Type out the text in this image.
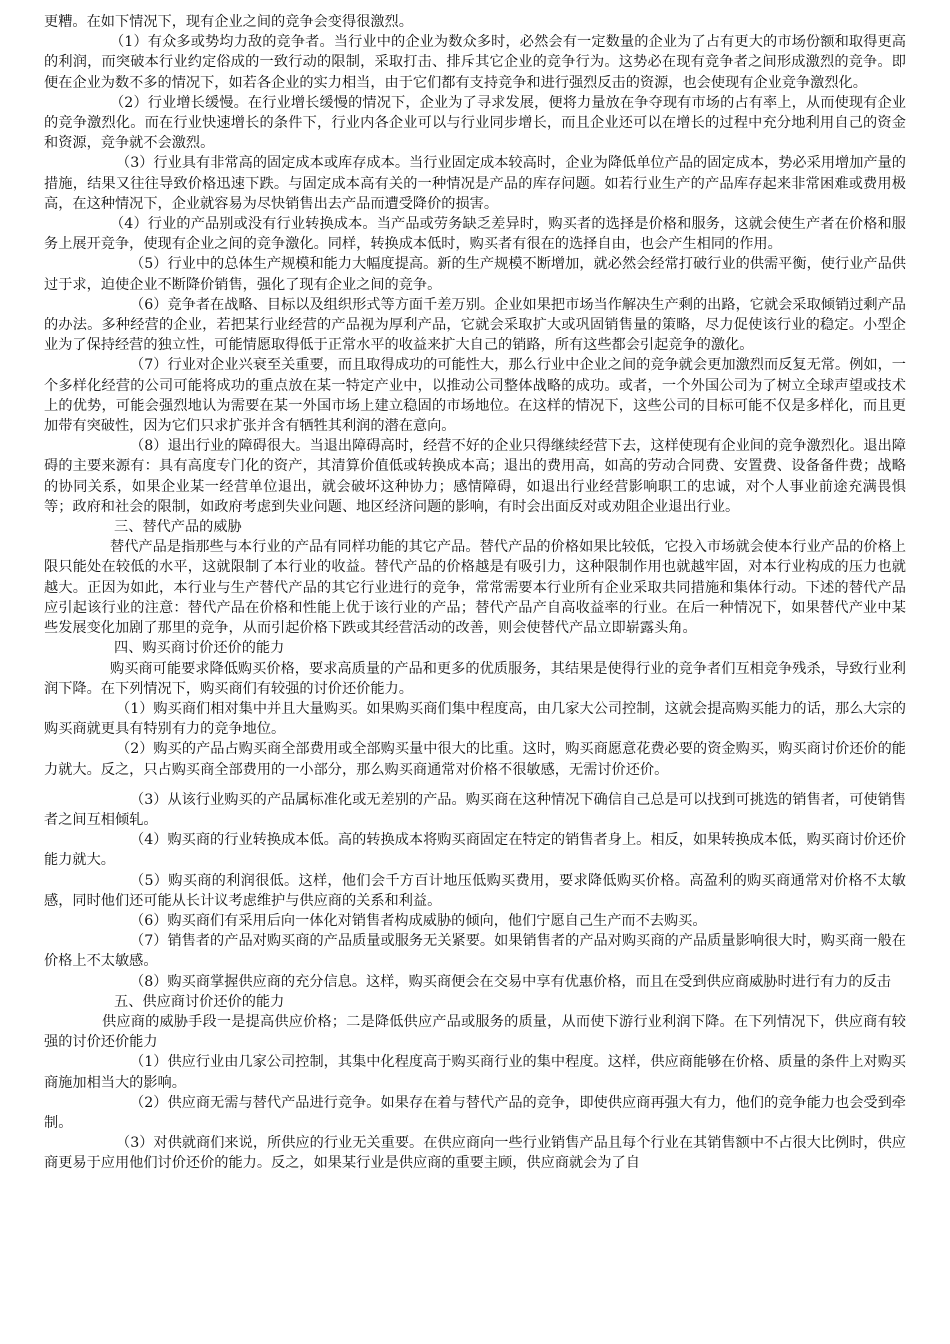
更糟。在如下情况下，现有企业之间的竞争会变得很激烈。
（1）有众多或势均力敌的竞争者。当行业中的企业为数众多时，必然会有一定数量的企业为了占有更大的市场份额和取得更高的利润，而突破本行业约定俗成的一致行动的限制，采取打击、排斥其它企业的竞争行为。这势必在现有竞争者之间形成激烈的竞争。即便在企业为数不多的情况下，如若各企业的实力相当，由于它们都有支持竞争和进行强烈反击的资源，也会使现有企业竞争激烈化。
（2）行业增长缓慢。在行业增长缓慢的情况下，企业为了寻求发展，便将力量放在争夺现有市场的占有率上，从而使现有企业的竞争激烈化。而在行业快速增长的条件下，行业内各企业可以与行业同步增长，而且企业还可以在增长的过程中充分地利用自己的资金和资源，竞争就不会激烈。
（3）行业具有非常高的固定成本或库存成本。当行业固定成本较高时，企业为降低单位产品的固定成本，势必采用增加产量的措施，结果又往往导致价格迅速下跌。与固定成本高有关的一种情况是产品的库存问题。如若行业生产的产品库存起来非常困难或费用极高，在这种情况下，企业就容易为尽快销售出去产品而遭受降价的损害。
（4）行业的产品别或没有行业转换成本。当产品或劳务缺乏差异时，购买者的选择是价格和服务，这就会使生产者在价格和服务上展开竞争，使现有企业之间的竞争激化。同样，转换成本低时，购买者有很在的选择自由，也会产生相同的作用。
（5）行业中的总体生产规模和能力大幅度提高。新的生产规模不断增加，就必然会经常打破行业的供需平衡，使行业产品供过于求，迫使企业不断降价销售，强化了现有企业之间的竞争。
（6）竞争者在战略、目标以及组织形式等方面千差万别。企业如果把市场当作解决生产剩的出路，它就会采取倾销过剩产品的办法。多种经营的企业，若把某行业经营的产品视为厚利产品，它就会采取扩大或巩固销售量的策略，尽力促使该行业的稳定。小型企业为了保持经营的独立性，可能情愿取得低于正常水平的收益来扩大自己的销路，所有这些都会引起竞争的激化。
（7）行业对企业兴衰至关重要，而且取得成功的可能性大，那么行业中企业之间的竞争就会更加激烈而反复无常。例如，一个多样化经营的公司可能将成功的重点放在某一特定产业中，以推动公司整体战略的成功。或者，一个外国公司为了树立全球声望或技术上的优势，可能会强烈地认为需要在某一外国市场上建立稳固的市场地位。在这样的情况下，这些公司的目标可能不仅是多样化，而且更加带有突破性，因为它们只求扩张并含有牺牲其利润的潜在意向。
（8）退出行业的障碍很大。当退出障碍高时，经营不好的企业只得继续经营下去，这样使现有企业间的竞争激烈化。退出障碍的主要来源有：具有高度专门化的资产，其清算价值低或转换成本高；退出的费用高，如高的劳动合同费、安置费、设备备件费；战略的协同关系，如果企业某一经营单位退出，就会破坏这种协力；感情障碍，如退出行业经营影响职工的忠诚，对个人事业前途充满畏惧等；政府和社会的限制，如政府考虑到失业问题、地区经济问题的影响，有时会出面反对或劝阻企业退出行业。
三、替代产品的威胁
替代产品是指那些与本行业的产品有同样功能的其它产品。替代产品的价格如果比较低，它投入市场就会使本行业产品的价格上限只能处在较低的水平，这就限制了本行业的收益。替代产品的价格越是有吸引力，这种限制作用也就越牢固，对本行业构成的压力也就越大。正因为如此，本行业与生产替代产品的其它行业进行的竞争，常常需要本行业所有企业采取共同措施和集体行动。下述的替代产品应引起该行业的注意：替代产品在价格和性能上优于该行业的产品；替代产品产自高收益率的行业。在后一种情况下，如果替代产业中某些发展变化加剧了那里的竞争，从而引起价格下跌或其经营活动的改善，则会使替代产品立即崭露头角。
四、购买商讨价还价的能力
购买商可能要求降低购买价格，要求高质量的产品和更多的优质服务，其结果是使得行业的竞争者们互相竞争残杀，导致行业利润下降。在下列情况下，购买商们有较强的讨价还价能力。
（1）购买商们相对集中并且大量购买。如果购买商们集中程度高，由几家大公司控制，这就会提高购买能力的话，那么大宗的购买商就更具有特别有力的竞争地位。
（2）购买的产品占购买商全部费用或全部购买量中很大的比重。这时，购买商愿意花费必要的资金购买，购买商讨价还价的能力就大。反之，只占购买商全部费用的一小部分，那么购买商通常对价格不很敏感，无需讨价还价。
（3）从该行业购买的产品属标准化或无差别的产品。购买商在这种情况下确信自己总是可以找到可挑选的销售者，可使销售者之间互相倾轧。
（4）购买商的行业转换成本低。高的转换成本将购买商固定在特定的销售者身上。相反，如果转换成本低，购买商讨价还价能力就大。
（5）购买商的利润很低。这样，他们会千方百计地压低购买费用，要求降低购买价格。高盈利的购买商通常对价格不太敏感，同时他们还可能从长计议考虑维护与供应商的关系和利益。
（6）购买商们有采用后向一体化对销售者构成威胁的倾向，他们宁愿自己生产而不去购买。
（7）销售者的产品对购买商的产品质量或服务无关紧要。如果销售者的产品对购买商的产品质量影响很大时，购买商一般在价格上不太敏感。
（8）购买商掌握供应商的充分信息。这样，购买商便会在交易中享有优惠价格，而且在受到供应商威胁时进行有力的反击
五、供应商讨价还价的能力
供应商的威胁手段一是提高供应价格；二是降低供应产品或服务的质量，从而使下游行业利润下降。在下列情况下，供应商有较强的讨价还价能力
（1）供应行业由几家公司控制，其集中化程度高于购买商行业的集中程度。这样，供应商能够在价格、质量的条件上对购买商施加相当大的影响。
（2）供应商无需与替代产品进行竞争。如果存在着与替代产品的竞争，即使供应商再强大有力，他们的竞争能力也会受到牵制。
（3）对供就商们来说，所供应的行业无关重要。在供应商向一些行业销售产品且每个行业在其销售额中不占很大比例时，供应商更易于应用他们讨价还价的能力。反之，如果某行业是供应商的重要主顾，供应商就会为了自
